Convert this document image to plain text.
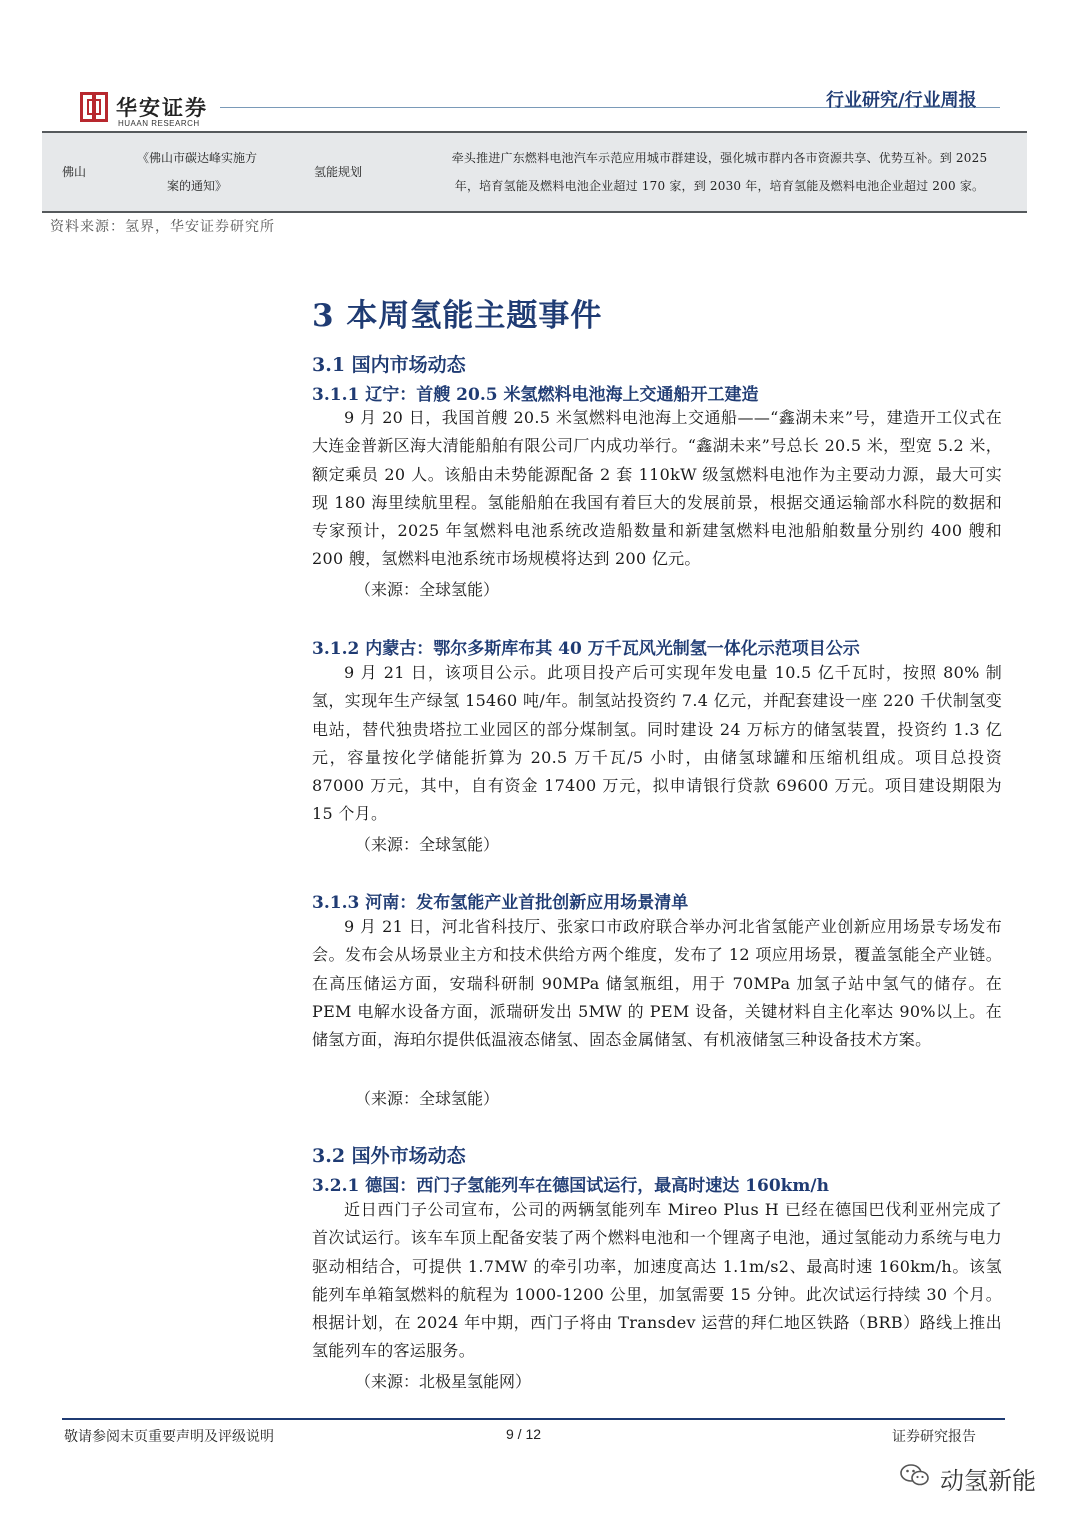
华安证券
HUAAN RESEARCH
行业研究/行业周报
佛山
《佛山市碳达峰实施方
案的通知》
氢能规划
牵头推进广东燃料电池汽车示范应用城市群建设，强化城市群内各市资源共享、优势互补。到 2025
年，培育氢能及燃料电池企业超过 170 家，到 2030 年，培育氢能及燃料电池企业超过 200 家。
资料来源：氢界，华安证券研究所
3 本周氢能主题事件
3.1 国内市场动态
3.1.1 辽宁：首艘 20.5 米氢燃料电池海上交通船开工建造
9 月 20 日，我国首艘 20.5 米氢燃料电池海上交通船——“鑫湖未来”号，建造开工仪式在大连金普新区海大清能船舶有限公司厂内成功举行。“鑫湖未来”号总长 20.5 米，型宽 5.2 米，额定乘员 20 人。该船由未势能源配备 2 套 110kW 级氢燃料电池作为主要动力源，最大可实现 180 海里续航里程。氢能船舶在我国有着巨大的发展前景，根据交通运输部水科院的数据和专家预计，2025 年氢燃料电池系统改造船数量和新建氢燃料电池船舶数量分别约 400 艘和 200 艘，氢燃料电池系统市场规模将达到 200 亿元。
（来源：全球氢能）
3.1.2 内蒙古：鄂尔多斯库布其 40 万千瓦风光制氢一体化示范项目公示
9 月 21 日，该项目公示。此项目投产后可实现年发电量 10.5 亿千瓦时，按照 80% 制氢，实现年生产绿氢 15460 吨/年。制氢站投资约 7.4 亿元，并配套建设一座 220 千伏制氢变电站，替代独贵塔拉工业园区的部分煤制氢。同时建设 24 万标方的储氢装置，投资约 1.3 亿元，容量按化学储能折算为 20.5 万千瓦/5 小时，由储氢球罐和压缩机组成。项目总投资 87000 万元，其中，自有资金 17400 万元，拟申请银行贷款 69600 万元。项目建设期限为 15 个月。
（来源：全球氢能）
3.1.3 河南：发布氢能产业首批创新应用场景清单
9 月 21 日，河北省科技厅、张家口市政府联合举办河北省氢能产业创新应用场景专场发布会。发布会从场景业主方和技术供给方两个维度，发布了 12 项应用场景，覆盖氢能全产业链。在高压储运方面，安瑞科研制 90MPa 储氢瓶组，用于 70MPa 加氢子站中氢气的储存。在 PEM 电解水设备方面，派瑞研发出 5MW 的 PEM 设备，关键材料自主化率达 90%以上。在储氢方面，海珀尔提供低温液态储氢、固态金属储氢、有机液储氢三种设备技术方案。
（来源：全球氢能）
3.2 国外市场动态
3.2.1 德国：西门子氢能列车在德国试运行，最高时速达 160km/h
近日西门子公司宣布，公司的两辆氢能列车 Mireo Plus H 已经在德国巴伐利亚州完成了首次试运行。该车车顶上配备安装了两个燃料电池和一个锂离子电池，通过氢能动力系统与电力驱动相结合，可提供 1.7MW 的牵引功率，加速度高达 1.1m/s2、最高时速 160km/h。该氢能列车单箱氢燃料的航程为 1000-1200 公里，加氢需要 15 分钟。此次试运行持续 30 个月。根据计划，在 2024 年中期，西门子将由 Transdev 运营的拜仁地区铁路（BRB）路线上推出氢能列车的客运服务。
（来源：北极星氢能网）
敬请参阅末页重要声明及评级说明	9 / 12	证券研究报告
动氢新能
